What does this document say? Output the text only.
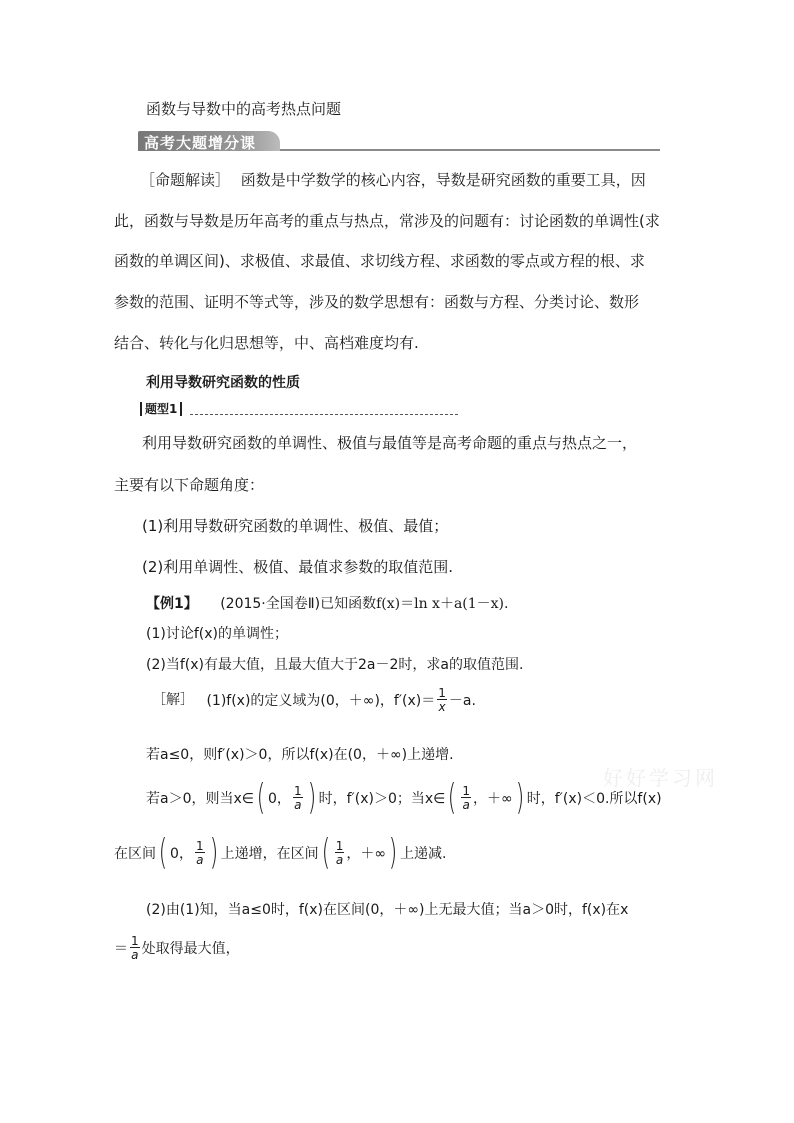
函数与导数中的高考热点问题
高考大题增分课
［命题解读］ 函数是中学数学的核心内容，导数是研究函数的重要工具，因
此，函数与导数是历年高考的重点与热点，常涉及的问题有：讨论函数的单调性(求
函数的单调区间)、求极值、求最值、求切线方程、求函数的零点或方程的根、求
参数的范围、证明不等式等，涉及的数学思想有：函数与方程、分类讨论、数形
结合、转化与化归思想等，中、高档难度均有.
利用导数研究函数的性质
题型1
利用导数研究函数的单调性、极值与最值等是高考命题的重点与热点之一，
主要有以下命题角度：
(1)利用导数研究函数的单调性、极值、最值；
(2)利用单调性、极值、最值求参数的取值范围.
【例1】 (2015·全国卷Ⅱ)已知函数f(x)＝ln x＋a(1－x).
(1)讨论f(x)的单调性；
(2)当f(x)有最大值，且最大值大于2a－2时，求a的取值范围.
［解］ (1)f(x)的定义域为(0，＋∞)，$f'(x)= \frac{1}{x} -a$.
若a≤0，则f′(x)＞0，所以f(x)在(0，＋∞)上递增.
若a＞0，则当x∈( 0， $\frac{1}{a}$ ) 时，f′(x)＞0；当x∈( $\frac{1}{a}$ ，＋∞) 时，f′(x)＜0.所以f(x)
在区间( 0， $\frac{1}{a}$ ) 上递增，在区间( $\frac{1}{a}$ ，＋∞) 上递减.
(2)由(1)知，当a≤0时，f(x)在区间(0，＋∞)上无最大值；当a＞0时，f(x)在x
＝ $\frac{1}{a}$ 处取得最大值，
好好学习网
